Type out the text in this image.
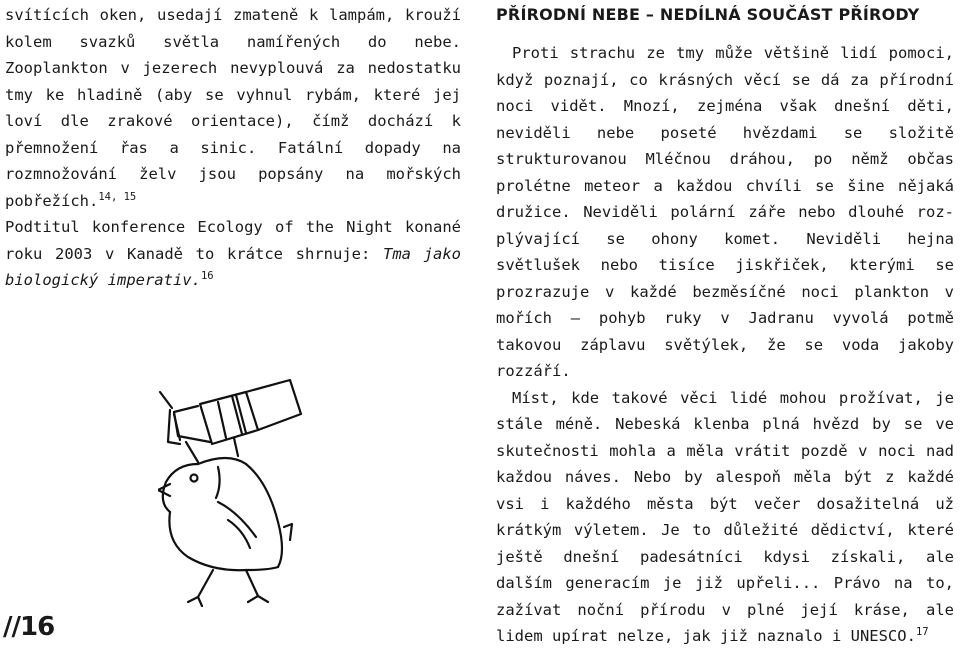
svítících oken, usedají zmateně k lampám, krouží kolem svazků světla namířených do nebe. Zooplankton v jezerech nevyplouvá za nedostatku tmy ke hladině (aby se vyhnul rybám, které jej loví dle zrakové orientace), čímž dochází k přemnožení řas a sinic. Fatální dopady na rozmnožování želv jsou popsány na mořských pobřežích.$^{14, 15}$

Podtitul konference Ecology of the Night konané roku 2003 v Kanadě to krátce shrnuje: Tma jako biologický imperativ.$^{16}$

PŘÍRODNÍ NEBE – NEDÍLNÁ SOUČÁST PŘÍRODY

Proti strachu ze tmy může většině lidí pomoci, když poznají, co krásných věcí se dá za přírodní noci vidět. Mnozí, zejména však dnešní děti, neviděli nebe poseté hvězdami se složitě strukturovanou Mléčnou dráhou, po němž občas prolétne meteor a každou chvíli se šine nějaká družice. Neviděli polární záře nebo dlouhé rozplývající se ohony komet. Neviděli hejna světlušek nebo tisíce jiskřiček, kterými se prozrazuje v každé bezměsíčné noci plankton v mořích – pohyb ruky v Jadranu vyvolá potmě takovou záplavu světýlek, že se voda jakoby rozzáří.

Míst, kde takové věci lidé mohou prožívat, je stále méně. Nebeská klenba plná hvězd by se ve skutečnosti mohla a měla vrátit pozdě v noci nad každou náves. Nebo by alespoň měla být z každé vsi i každého města být večer dosažitelná už krátkým výletem. Je to důležité dědictví, které ještě dnešní padesátníci kdysi získali, ale dalším generacím je již upřeli... Právo na to, zažívat noční přírodu v plné její kráse, ale lidem upírat nelze, jak již naznalo i UNESCO.$^{17}$

//16
